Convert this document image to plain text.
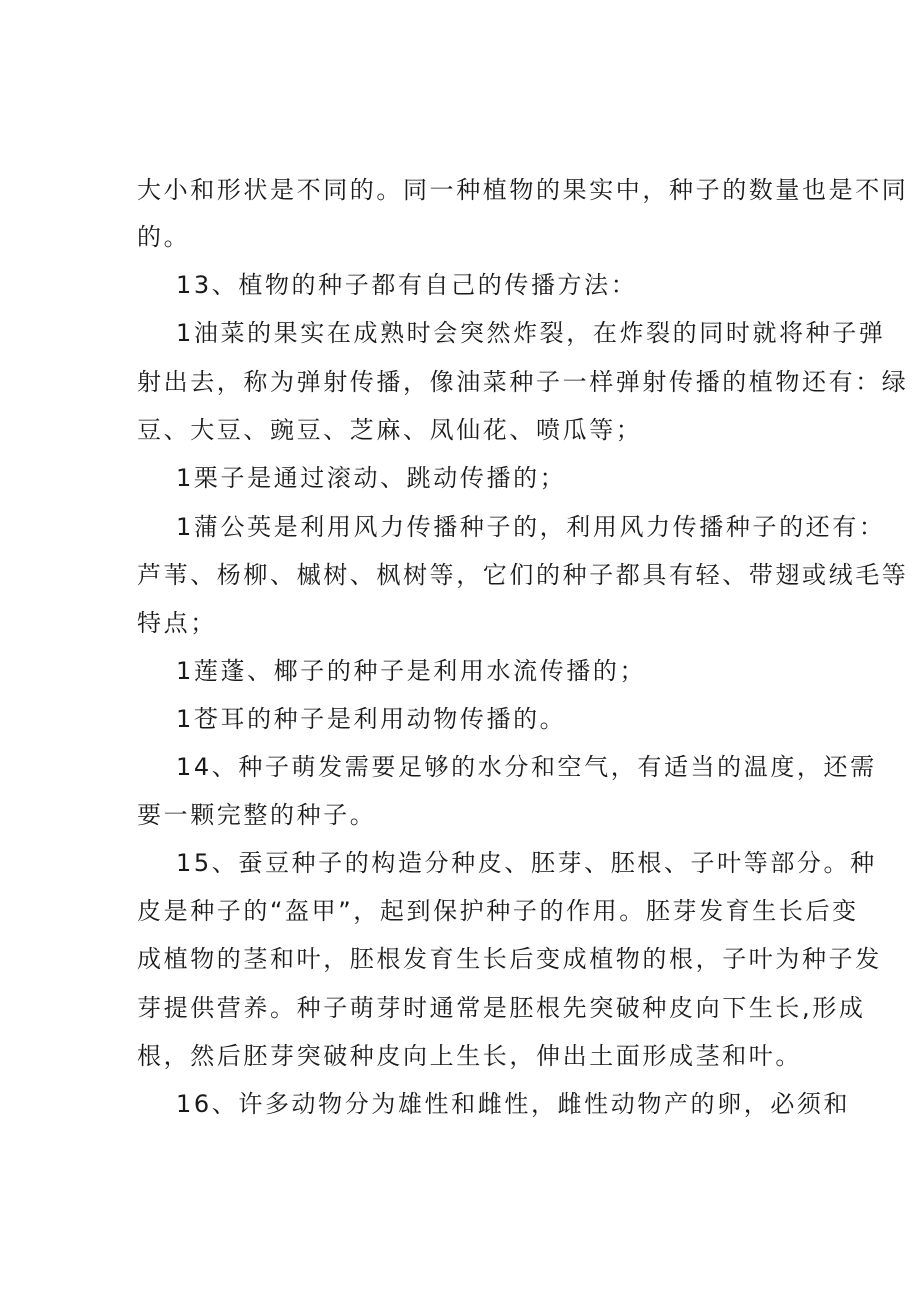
大小和形状是不同的。同一种植物的果实中，种子的数量也是不同
的。
13、植物的种子都有自己的传播方法：
1油菜的果实在成熟时会突然炸裂，在炸裂的同时就将种子弹
射出去，称为弹射传播，像油菜种子一样弹射传播的植物还有：绿
豆、大豆、豌豆、芝麻、凤仙花、喷瓜等；
1栗子是通过滚动、跳动传播的；
1蒲公英是利用风力传播种子的，利用风力传播种子的还有：
芦苇、杨柳、槭树、枫树等，它们的种子都具有轻、带翅或绒毛等
特点；
1莲蓬、椰子的种子是利用水流传播的；
1苍耳的种子是利用动物传播的。
14、种子萌发需要足够的水分和空气，有适当的温度，还需
要一颗完整的种子。
15、蚕豆种子的构造分种皮、胚芽、胚根、子叶等部分。种
皮是种子的“盔甲”，起到保护种子的作用。胚芽发育生长后变
成植物的茎和叶，胚根发育生长后变成植物的根，子叶为种子发
芽提供营养。种子萌芽时通常是胚根先突破种皮向下生长,形成
根，然后胚芽突破种皮向上生长，伸出土面形成茎和叶。
16、许多动物分为雄性和雌性，雌性动物产的卵，必须和
